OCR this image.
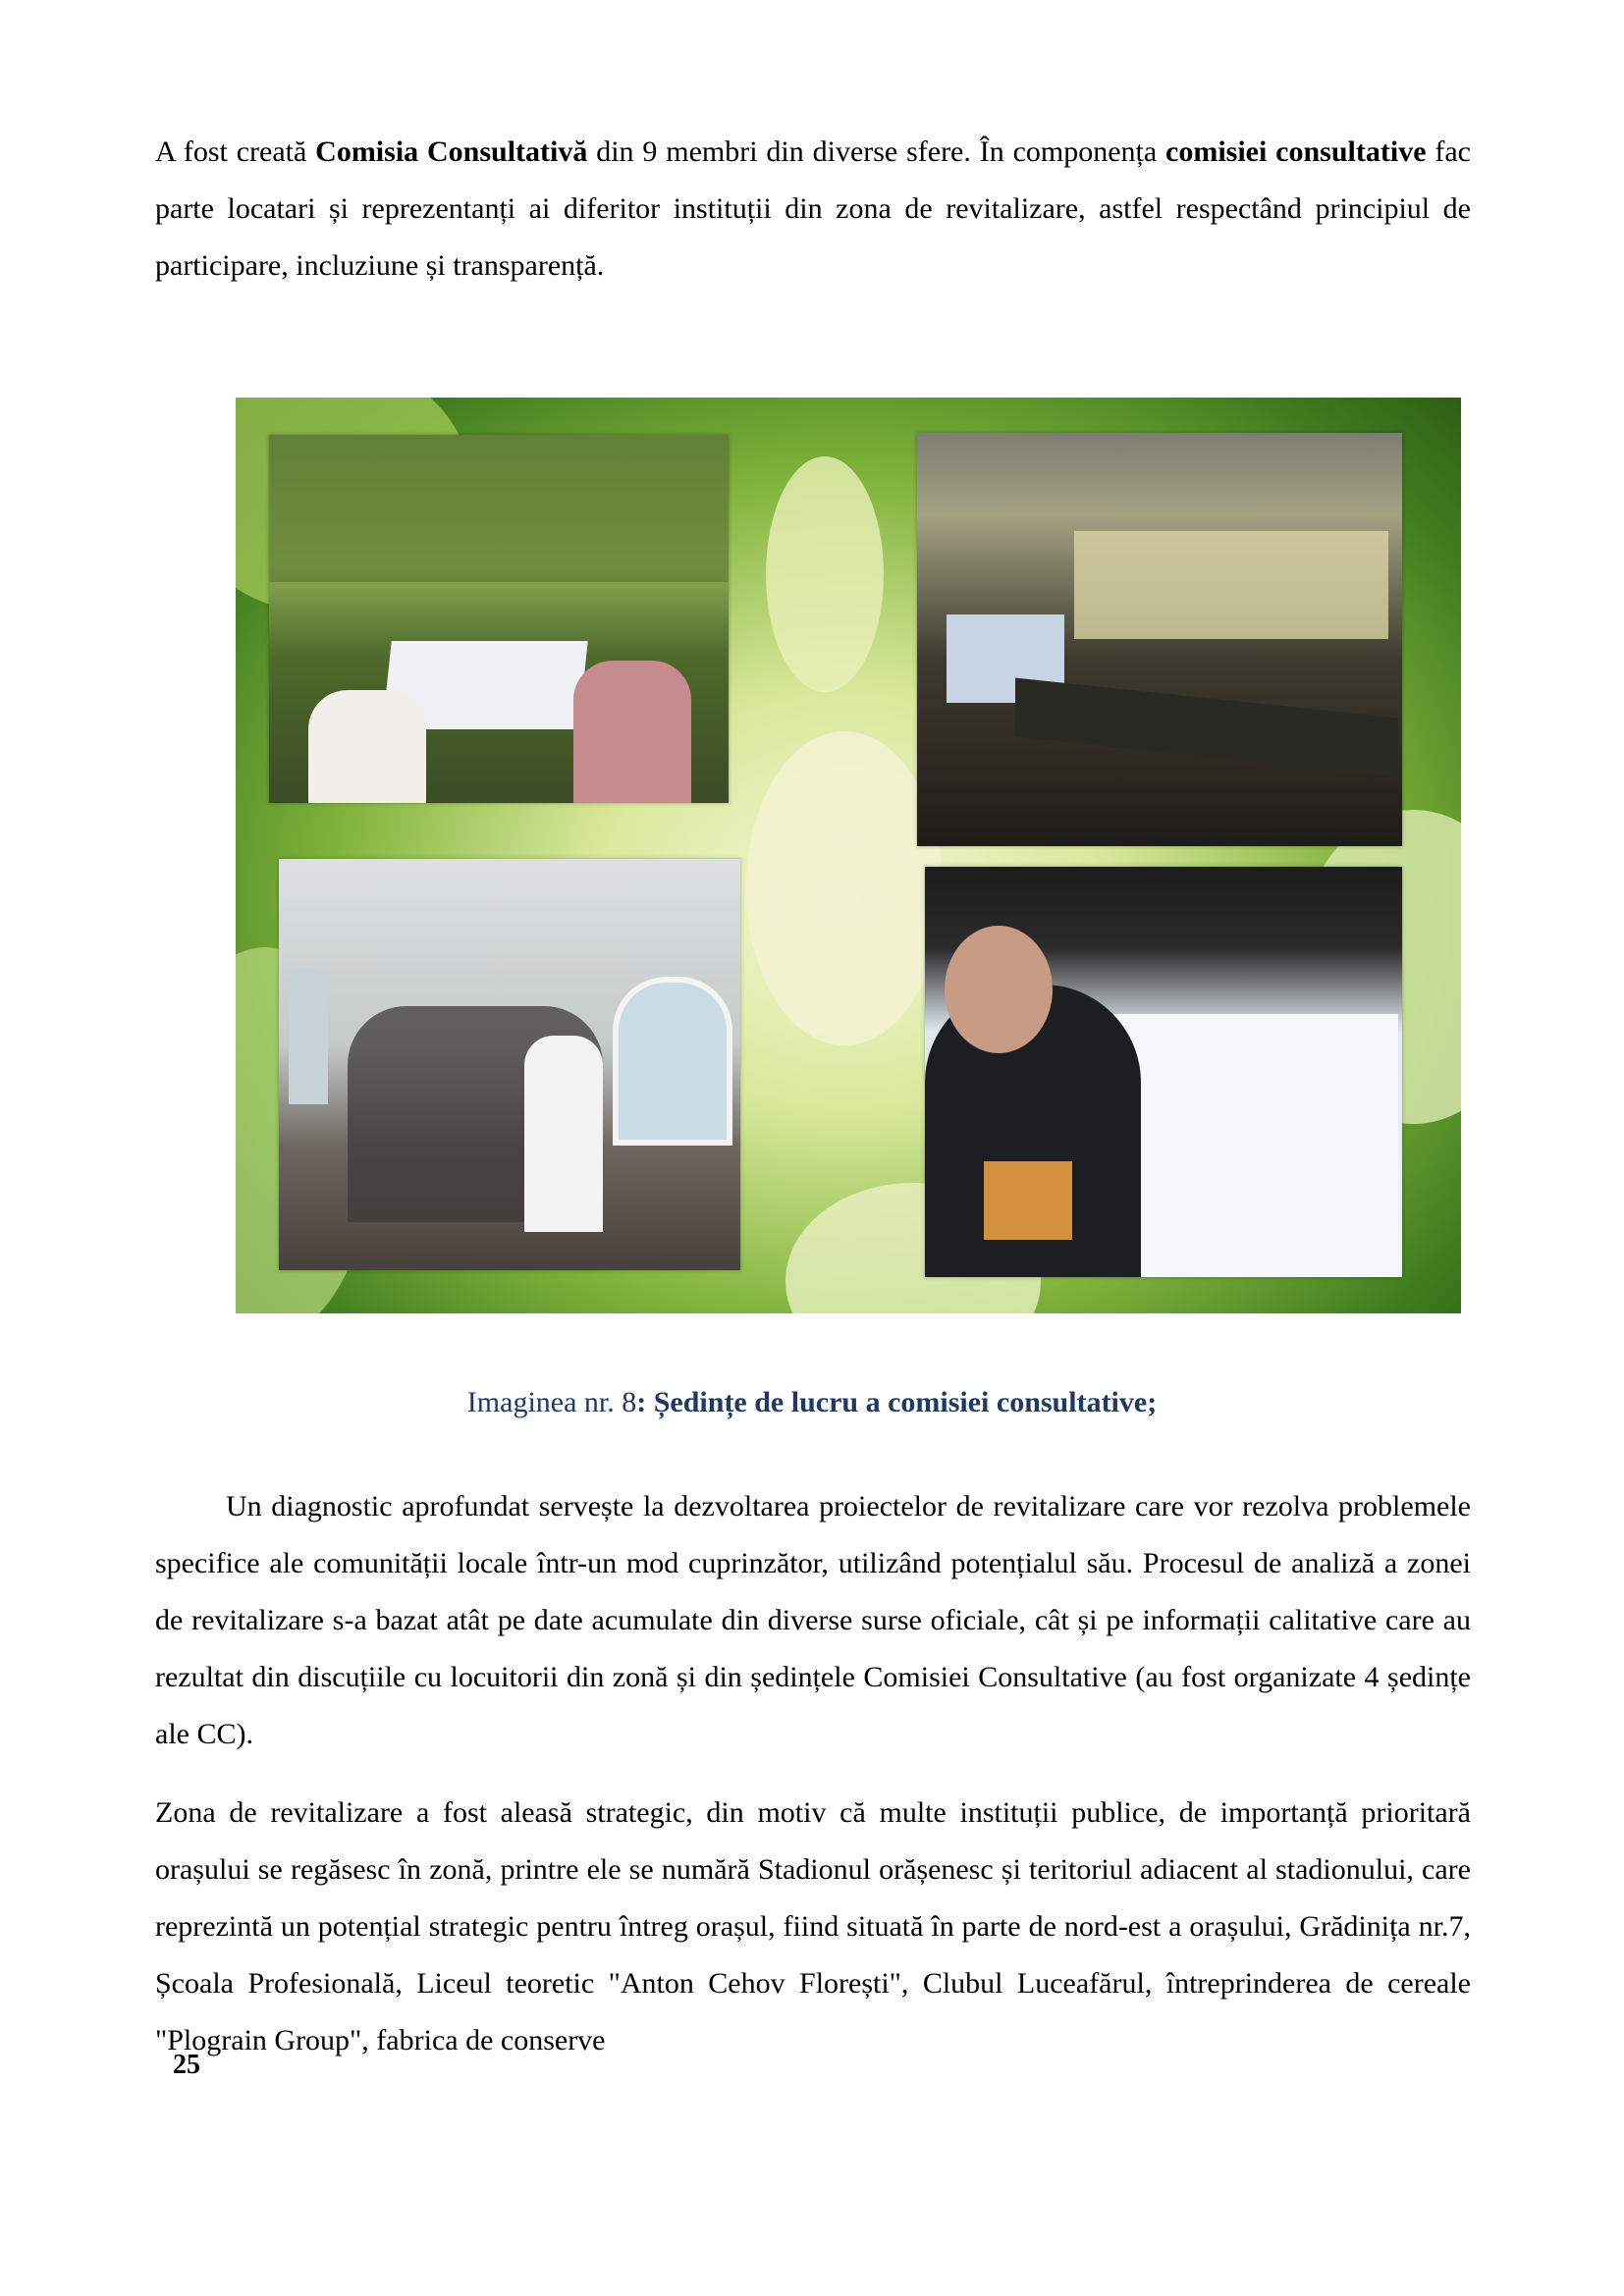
A fost creată Comisia Consultativă din 9 membri din diverse sfere. În componența comisiei consultative fac parte locatari și reprezentanți ai diferitor instituții din zona de revitalizare, astfel respectând principiul de participare, incluziune și transparență.

Imaginea nr. 8: Ședințe de lucru a comisiei consultative;

Un diagnostic aprofundat servește la dezvoltarea proiectelor de revitalizare care vor rezolva problemele specifice ale comunității locale într-un mod cuprinzător, utilizând potențialul său. Procesul de analiză a zonei de revitalizare s-a bazat atât pe date acumulate din diverse surse oficiale, cât și pe informații calitative care au rezultat din discuțiile cu locuitorii din zonă și din ședințele Comisiei Consultative (au fost organizate 4 ședințe ale CC).

Zona de revitalizare a fost aleasă strategic, din motiv că multe instituții publice, de importanță prioritară orașului se regăsesc în zonă, printre ele se numără Stadionul orășenesc și teritoriul adiacent al stadionului, care reprezintă un potențial strategic pentru întreg orașul, fiind situată în parte de nord-est a orașului, Grădinița nr.7, Școala Profesională, Liceul teoretic "Anton Cehov Florești", Clubul Luceafărul, întreprinderea de cereale "Plograin Group", fabrica de conserve

25
